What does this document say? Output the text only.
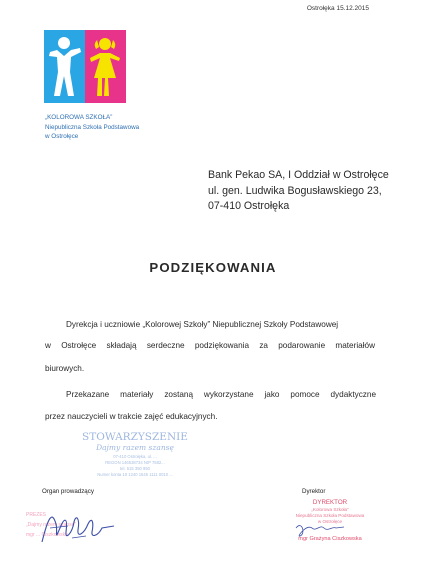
Ostrołęka 15.12.2015
„KOLOROWA SZKOŁA”
Niepubliczna Szkoła Podstawowa
w Ostrołęce
Bank Pekao SA, I Oddział w Ostrołęce
ul. gen. Ludwika Bogusławskiego 23,
07-410 Ostrołęka
PODZIĘKOWANIA
Dyrekcja i uczniowie „Kolorowej Szkoły” Niepublicznej Szkoły Podstawowej
w Ostrołęce składają serdeczne podziękowania za podarowanie materiałów
biurowych.
Przekazane materiały zostaną wykorzystane jako pomoce dydaktyczne
przez nauczycieli w trakcie zajęć edukacyjnych.
STOWARZYSZENIE
Dajmy razem szansę
07-410 Ostrołęka, ul. ...
REGON 146538734 NIP 7582...
tel. 515 350 950
Numer konta 10 1240 1545 1111 0010 ...
Organ prowadzący	Dyrektor
PREZES
„Dajmy razem szansę”
mgr ... Ciszkowska
DYREKTOR
„Kolorowa Szkoła”
Niepubliczna Szkoła Podstawowa
w Ostrołęce
mgr Grażyna Ciszkowska
